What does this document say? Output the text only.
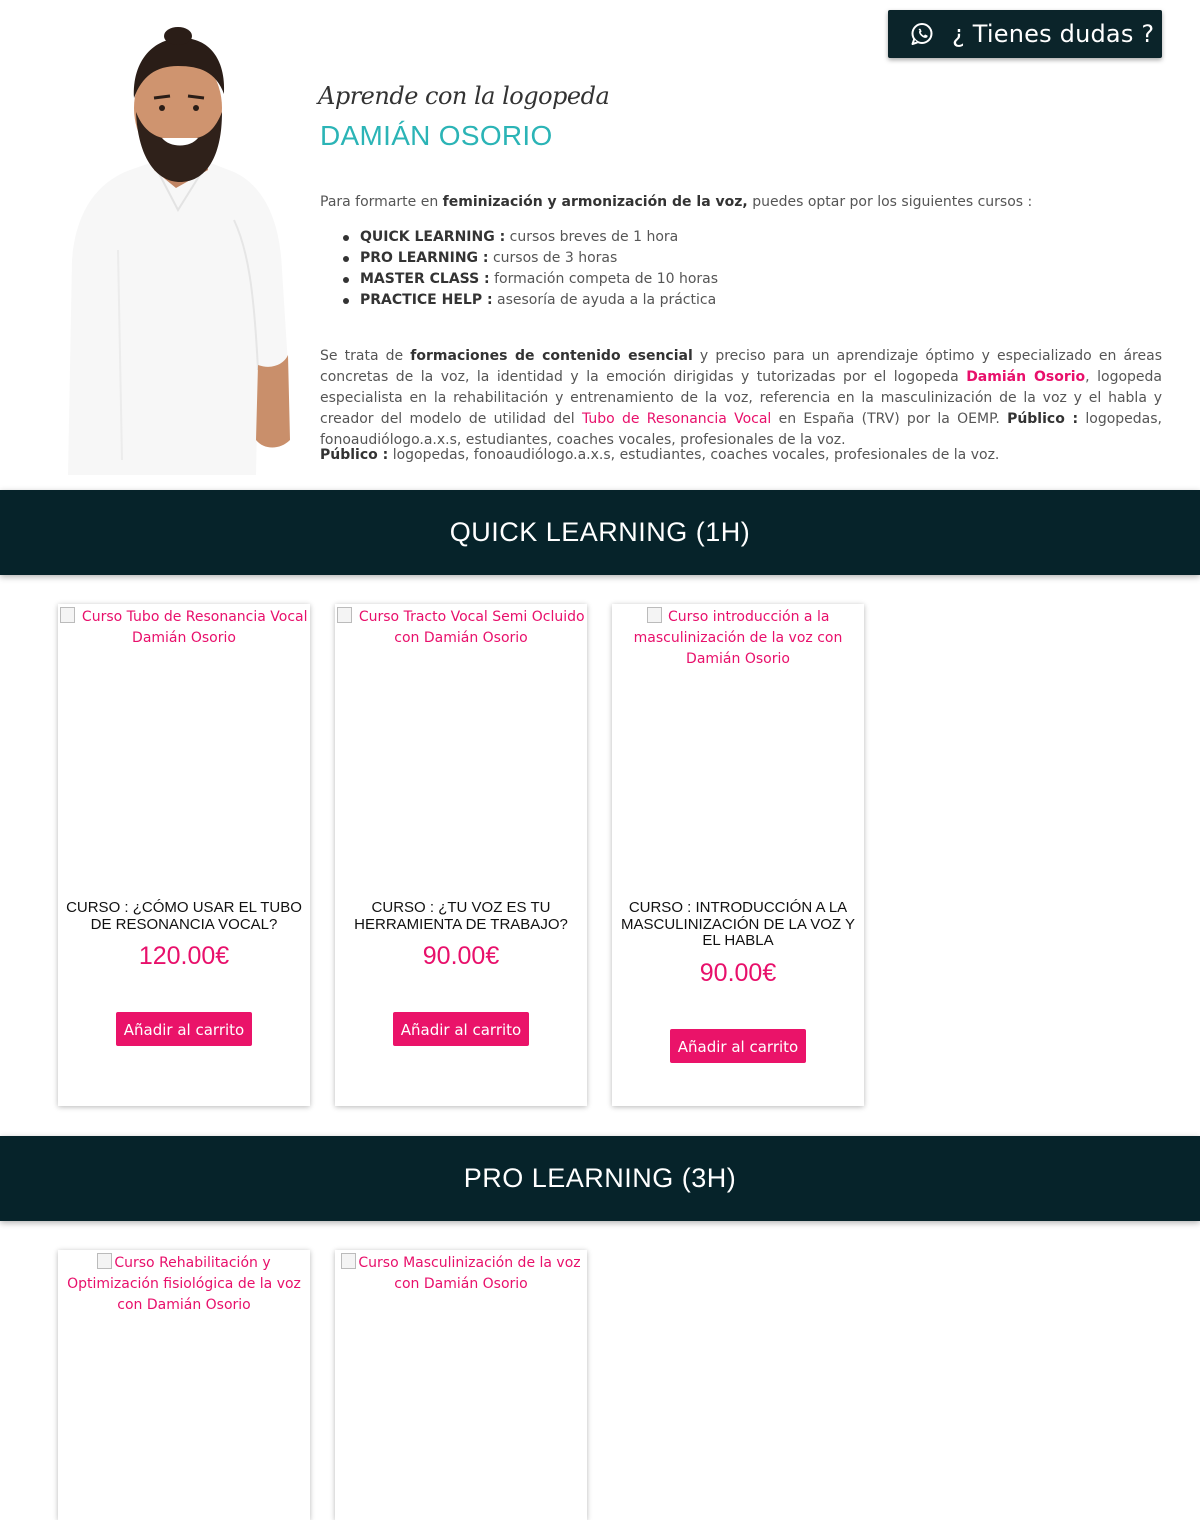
¿ Tienes dudas ?
Aprende con la logopeda
DAMIÁN OSORIO
Para formarte en feminización y armonización de la voz, puedes optar por los siguientes cursos :
QUICK LEARNING : cursos breves de 1 hora
PRO LEARNING : cursos de 3 horas
MASTER CLASS : formación competa de 10 horas
PRACTICE HELP : asesoría de ayuda a la práctica
Se trata de formaciones de contenido esencial y preciso para un aprendizaje óptimo y especializado en áreas concretas de la voz, la identidad y la emoción dirigidas y tutorizadas por el logopeda Damián Osorio, logopeda especialista en la rehabilitación y entrenamiento de la voz, referencia en la masculinización de la voz y el habla y creador del modelo de utilidad del Tubo de Resonancia Vocal en España (TRV) por la OEMP. Público : logopedas, fonoaudiólogo.a.x.s, estudiantes, coaches vocales, profesionales de la voz.
Público : logopedas, fonoaudiólogo.a.x.s, estudiantes, coaches vocales, profesionales de la voz.
QUICK LEARNING (1H)
Curso Tubo de Resonancia Vocal Damián Osorio
CURSO : ¿CÓMO USAR EL TUBO DE RESONANCIA VOCAL?
120.00€
Añadir al carrito
Curso Tracto Vocal Semi Ocluido con Damián Osorio
CURSO : ¿TU VOZ ES TU HERRAMIENTA DE TRABAJO?
90.00€
Añadir al carrito
Curso introducción a la masculinización de la voz con Damián Osorio
CURSO : INTRODUCCIÓN A LA MASCULINIZACIÓN DE LA VOZ Y EL HABLA
90.00€
Añadir al carrito
PRO LEARNING (3H)
Curso Rehabilitación y Optimización fisiológica de la voz con Damián Osorio
Curso Masculinización de la voz con Damián Osorio
